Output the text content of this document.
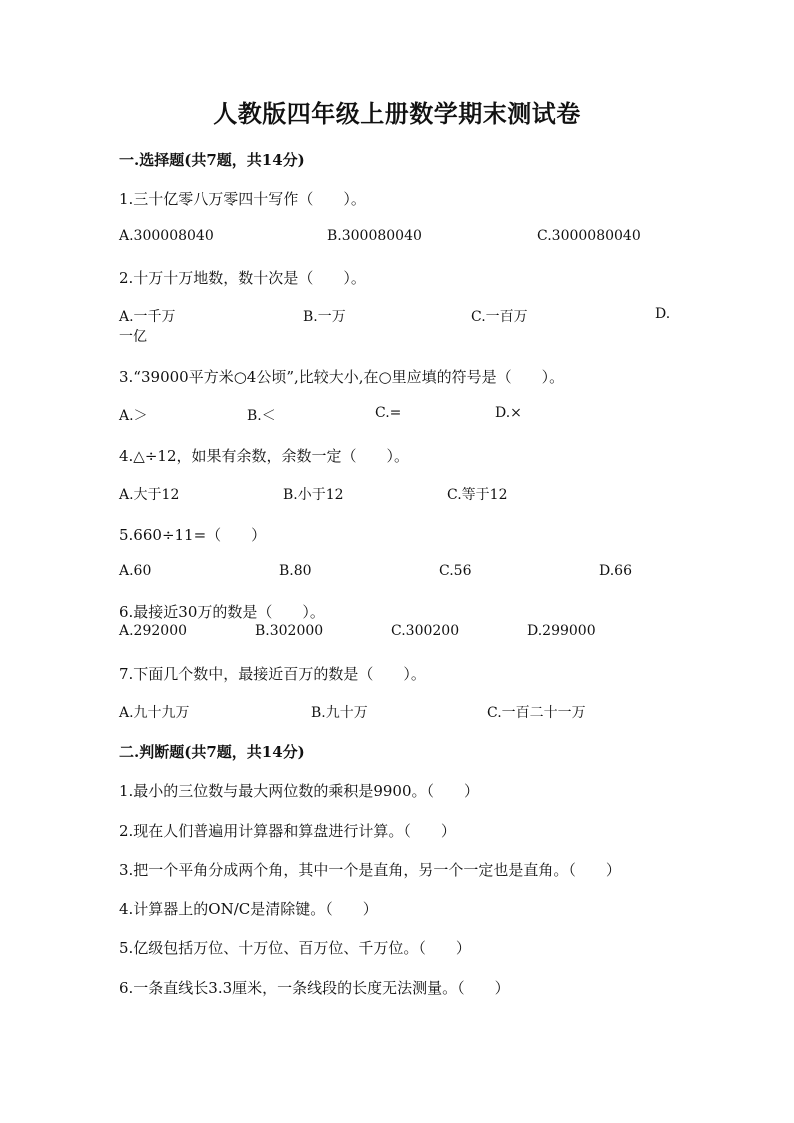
人教版四年级上册数学期末测试卷
一.选择题(共7题，共14分)
1.三十亿零八万零四十写作（　　）。
A.300008040	B.300080040	C.3000080040
2.十万十万地数，数十次是（　　）。
A.一千万	B.一万	C.一百万	D.
一亿
3.“39000平方米○4公顷”,比较大小,在○里应填的符号是（　　）。
A.＞	B.＜	C.=	D.×
4.△÷12，如果有余数，余数一定（　　）。
A.大于12	B.小于12	C.等于12
5.660÷11=（　　）
A.60	B.80	C.56	D.66
6.最接近30万的数是（　　）。
A.292000	B.302000	C.300200	D.299000
7.下面几个数中，最接近百万的数是（　　）。
A.九十九万	B.九十万	C.一百二十一万
二.判断题(共7题，共14分)
1.最小的三位数与最大两位数的乘积是9900。（　　）
2.现在人们普遍用计算器和算盘进行计算。（　　）
3.把一个平角分成两个角，其中一个是直角，另一个一定也是直角。（　　）
4.计算器上的ON/C是清除键。（　　）
5.亿级包括万位、十万位、百万位、千万位。（　　）
6.一条直线长3.3厘米，一条线段的长度无法测量。（　　）
